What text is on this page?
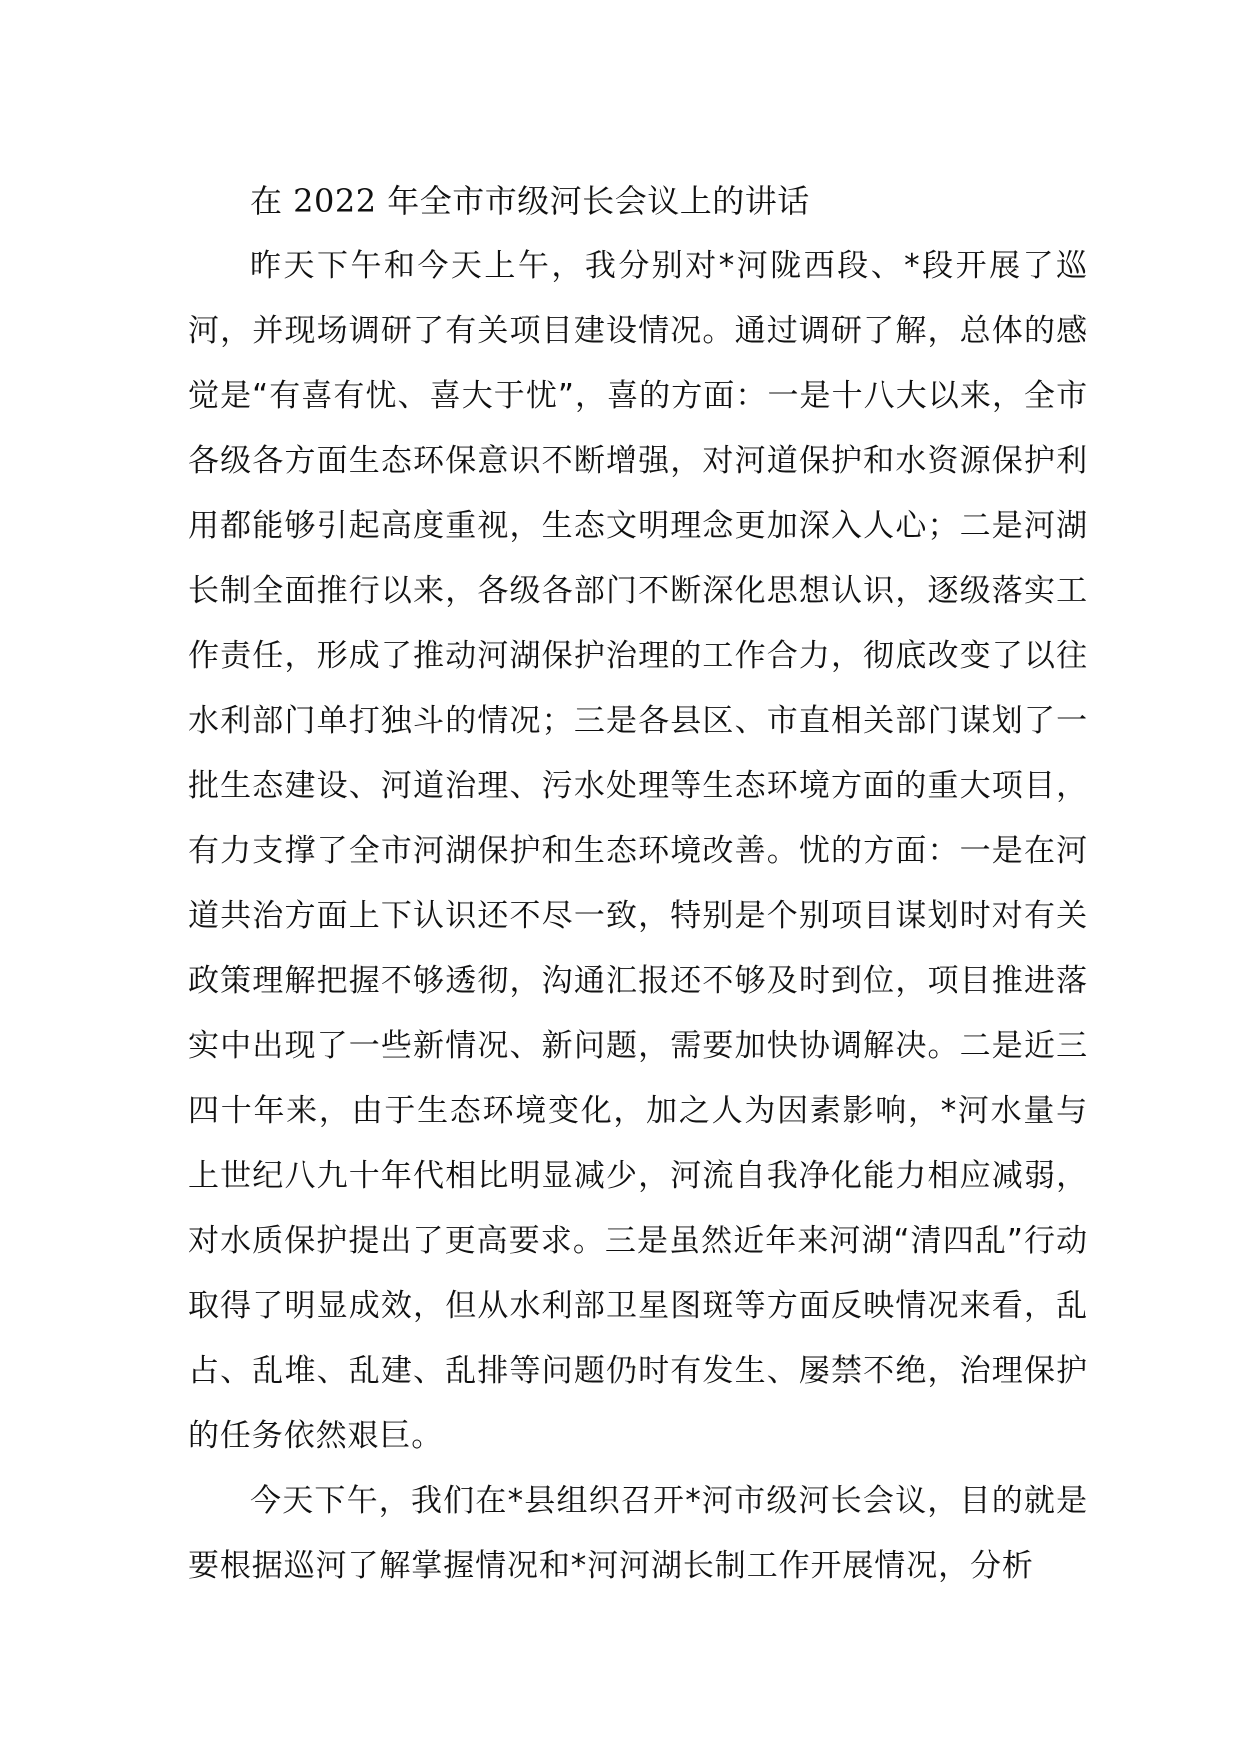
在 2022 年全市市级河长会议上的讲话

昨天下午和今天上午，我分别对*河陇西段、*段开展了巡河，并现场调研了有关项目建设情况。通过调研了解，总体的感觉是“有喜有忧、喜大于忧”，喜的方面：一是十八大以来，全市各级各方面生态环保意识不断增强，对河道保护和水资源保护利用都能够引起高度重视，生态文明理念更加深入人心；二是河湖长制全面推行以来，各级各部门不断深化思想认识，逐级落实工作责任，形成了推动河湖保护治理的工作合力，彻底改变了以往水利部门单打独斗的情况；三是各县区、市直相关部门谋划了一批生态建设、河道治理、污水处理等生态环境方面的重大项目，有力支撑了全市河湖保护和生态环境改善。忧的方面：一是在河道共治方面上下认识还不尽一致，特别是个别项目谋划时对有关政策理解把握不够透彻，沟通汇报还不够及时到位，项目推进落实中出现了一些新情况、新问题，需要加快协调解决。二是近三四十年来，由于生态环境变化，加之人为因素影响，*河水量与上世纪八九十年代相比明显减少，河流自我净化能力相应减弱，对水质保护提出了更高要求。三是虽然近年来河湖“清四乱”行动取得了明显成效，但从水利部卫星图斑等方面反映情况来看，乱占、乱堆、乱建、乱排等问题仍时有发生、屡禁不绝，治理保护的任务依然艰巨。

今天下午，我们在*县组织召开*河市级河长会议，目的就是要根据巡河了解掌握情况和*河河湖长制工作开展情况，分析
